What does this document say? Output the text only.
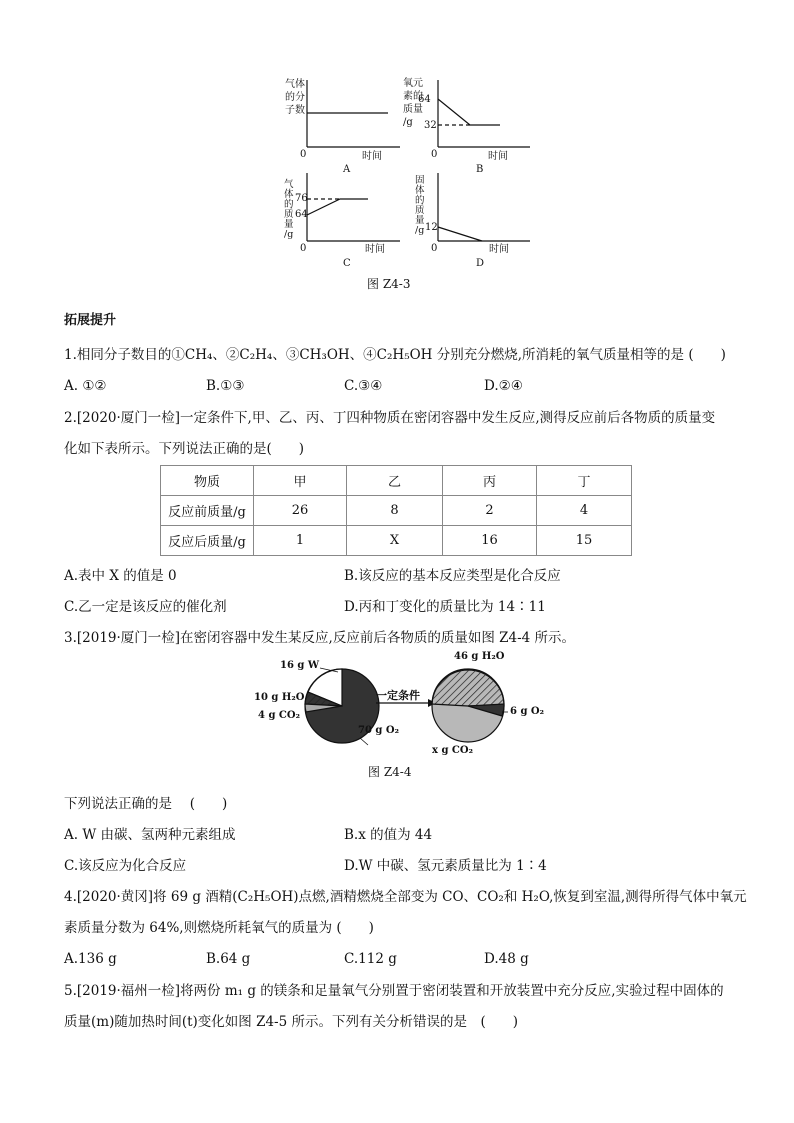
气体
的分
子数
0	时间
A
氧元
素的
质量
/g
64
32
0	时间
B
气
体
的
质
量
/g
76
64
0	时间
C
固
体
的
质
量
/g 12
0	时间
D
图 Z4-3
拓展提升
1.相同分子数目的①CH₄、②C₂H₄、③CH₃OH、④C₂H₅OH 分别充分燃烧,所消耗的氧气质量相等的是 (　　)
A. ①②	B.①③	C.③④	D.②④
2.[2020·厦门一检]一定条件下,甲、乙、丙、丁四种物质在密闭容器中发生反应,测得反应前后各物质的质量变
化如下表所示。下列说法正确的是(　　)
物质	甲	乙	丙	丁
反应前质量/g	26	8	2	4
反应后质量/g	1	X	16	15
A.表中 X 的值是 0	B.该反应的基本反应类型是化合反应
C.乙一定是该反应的催化剂	D.丙和丁变化的质量比为 14∶11
3.[2019·厦门一检]在密闭容器中发生某反应,反应前后各物质的质量如图 Z4-4 所示。
16 g W
10 g H₂O
4 g CO₂
70 g O₂
一定条件
46 g H₂O
6 g O₂
x g CO₂
图 Z4-4
下列说法正确的是　 (　　)
A. W 由碳、氢两种元素组成	B.x 的值为 44
C.该反应为化合反应	D.W 中碳、氢元素质量比为 1∶4
4.[2020·黄冈]将 69 g 酒精(C₂H₅OH)点燃,酒精燃烧全部变为 CO、CO₂和 H₂O,恢复到室温,测得所得气体中氧元
素质量分数为 64%,则燃烧所耗氧气的质量为 (　　)
A.136 g	B.64 g	C.112 g	D.48 g
5.[2019·福州一检]将两份 m₁ g 的镁条和足量氧气分别置于密闭装置和开放装置中充分反应,实验过程中固体的
质量(m)随加热时间(t)变化如图 Z4-5 所示。下列有关分析错误的是　(　　)
